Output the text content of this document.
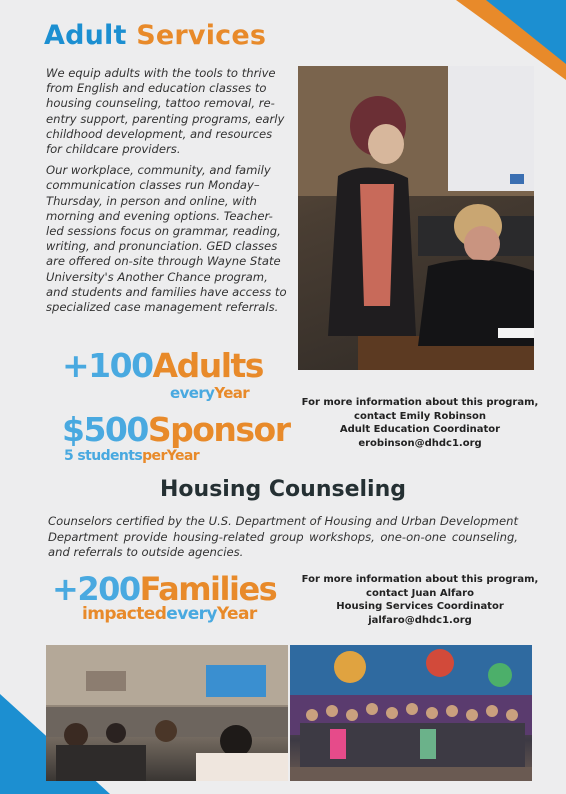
Adult Services

We equip adults with the tools to thrive from English and education classes to housing counseling, tattoo removal, re-entry support, parenting programs, early childhood development, and resources for childcare providers.

Our workplace, community, and family communication classes run Monday–Thursday, in person and online, with morning and evening options. Teacher-led sessions focus on grammar, reading, writing, and pronunciation. GED classes are offered on-site through Wayne State University's Another Chance program, and students and families have access to specialized case management referrals.

+100Adults
everyYear
$500Sponsor
5 studentsperYear
For more information about this program,
contact Emily Robinson
Adult Education Coordinator
erobinson@dhdc1.org
Housing Counseling
Counselors certified by the U.S. Department of Housing and Urban Development Department provide housing-related group workshops, one-on-one counseling, and referrals to outside agencies.
+200Families
impactedeveryYear
For more information about this program,
contact Juan Alfaro
Housing Services Coordinator
jalfaro@dhdc1.org
